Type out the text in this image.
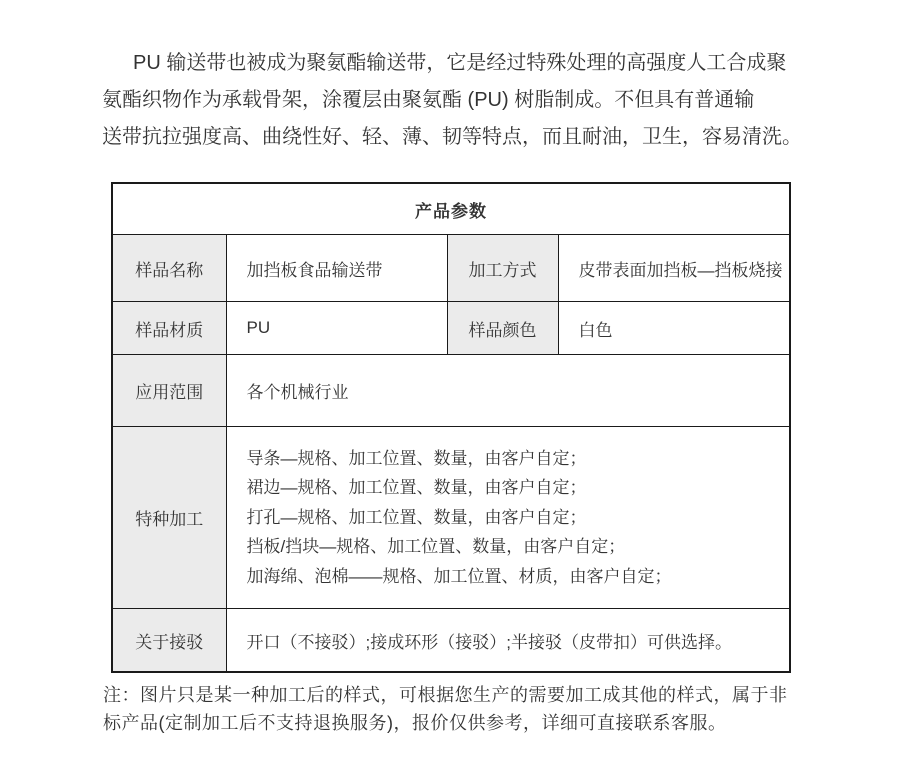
PU 输送带也被成为聚氨酯输送带，它是经过特殊处理的高强度人工合成聚
氨酯织物作为承载骨架，涂覆层由聚氨酯 (PU) 树脂制成。不但具有普通输
送带抗拉强度高、曲绕性好、轻、薄、韧等特点，而且耐油，卫生，容易清洗。
产品参数			
样品名称	加挡板食品输送带	加工方式	皮带表面加挡板—挡板烧接
样品材质	PU	样品颜色	白色
应用范围	各个机械行业		
特种加工	导条—规格、加工位置、数量，由客户自定；
裙边—规格、加工位置、数量，由客户自定；
打孔—规格、加工位置、数量，由客户自定；
挡板/挡块—规格、加工位置、数量，由客户自定；
加海绵、泡棉——规格、加工位置、材质，由客户自定；		

关于接驳	开口（不接驳）;接成环形（接驳）;半接驳（皮带扣）可供选择。		
注：图片只是某一种加工后的样式，可根据您生产的需要加工成其他的样式，属于非
标产品(定制加工后不支持退换服务)，报价仅供参考，详细可直接联系客服。
